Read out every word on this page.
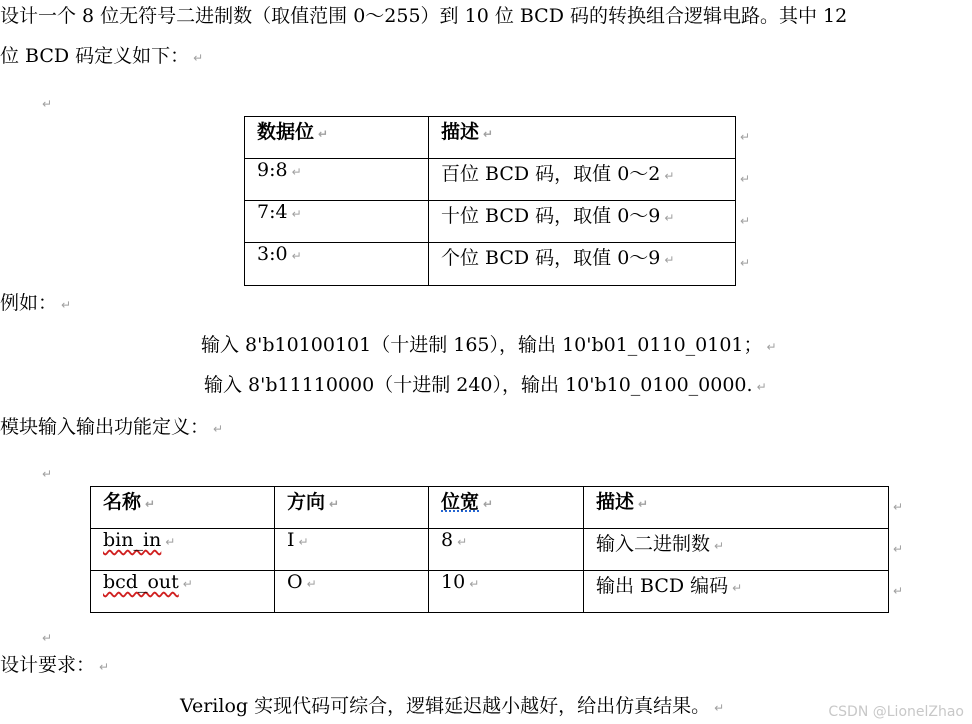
设计一个 8 位无符号二进制数（取值范围 0～255）到 10 位 BCD 码的转换组合逻辑电路。其中 12
位 BCD 码定义如下： ↵
↵
数据位 ↵	描述 ↵
9:8 ↵	百位 BCD 码，取值 0～2 ↵
7:4 ↵	十位 BCD 码，取值 0～9 ↵
3:0 ↵	个位 BCD 码，取值 0～9 ↵
↵
↵
↵
↵
例如： ↵
输入 8'b10100101（十进制 165），输出 10'b01_0110_0101； ↵
输入 8'b11110000（十进制 240），输出 10'b10_0100_0000. ↵
模块输入输出功能定义： ↵
↵
名称 ↵	方向 ↵	位宽 ↵	描述 ↵
bin_in ↵	I ↵	8 ↵	输入二进制数 ↵
bcd_out ↵	O ↵	10 ↵	输出 BCD 编码 ↵
↵
↵
↵
↵
设计要求： ↵
Verilog 实现代码可综合，逻辑延迟越小越好，给出仿真结果。 ↵	CSDN @LionelZhao
